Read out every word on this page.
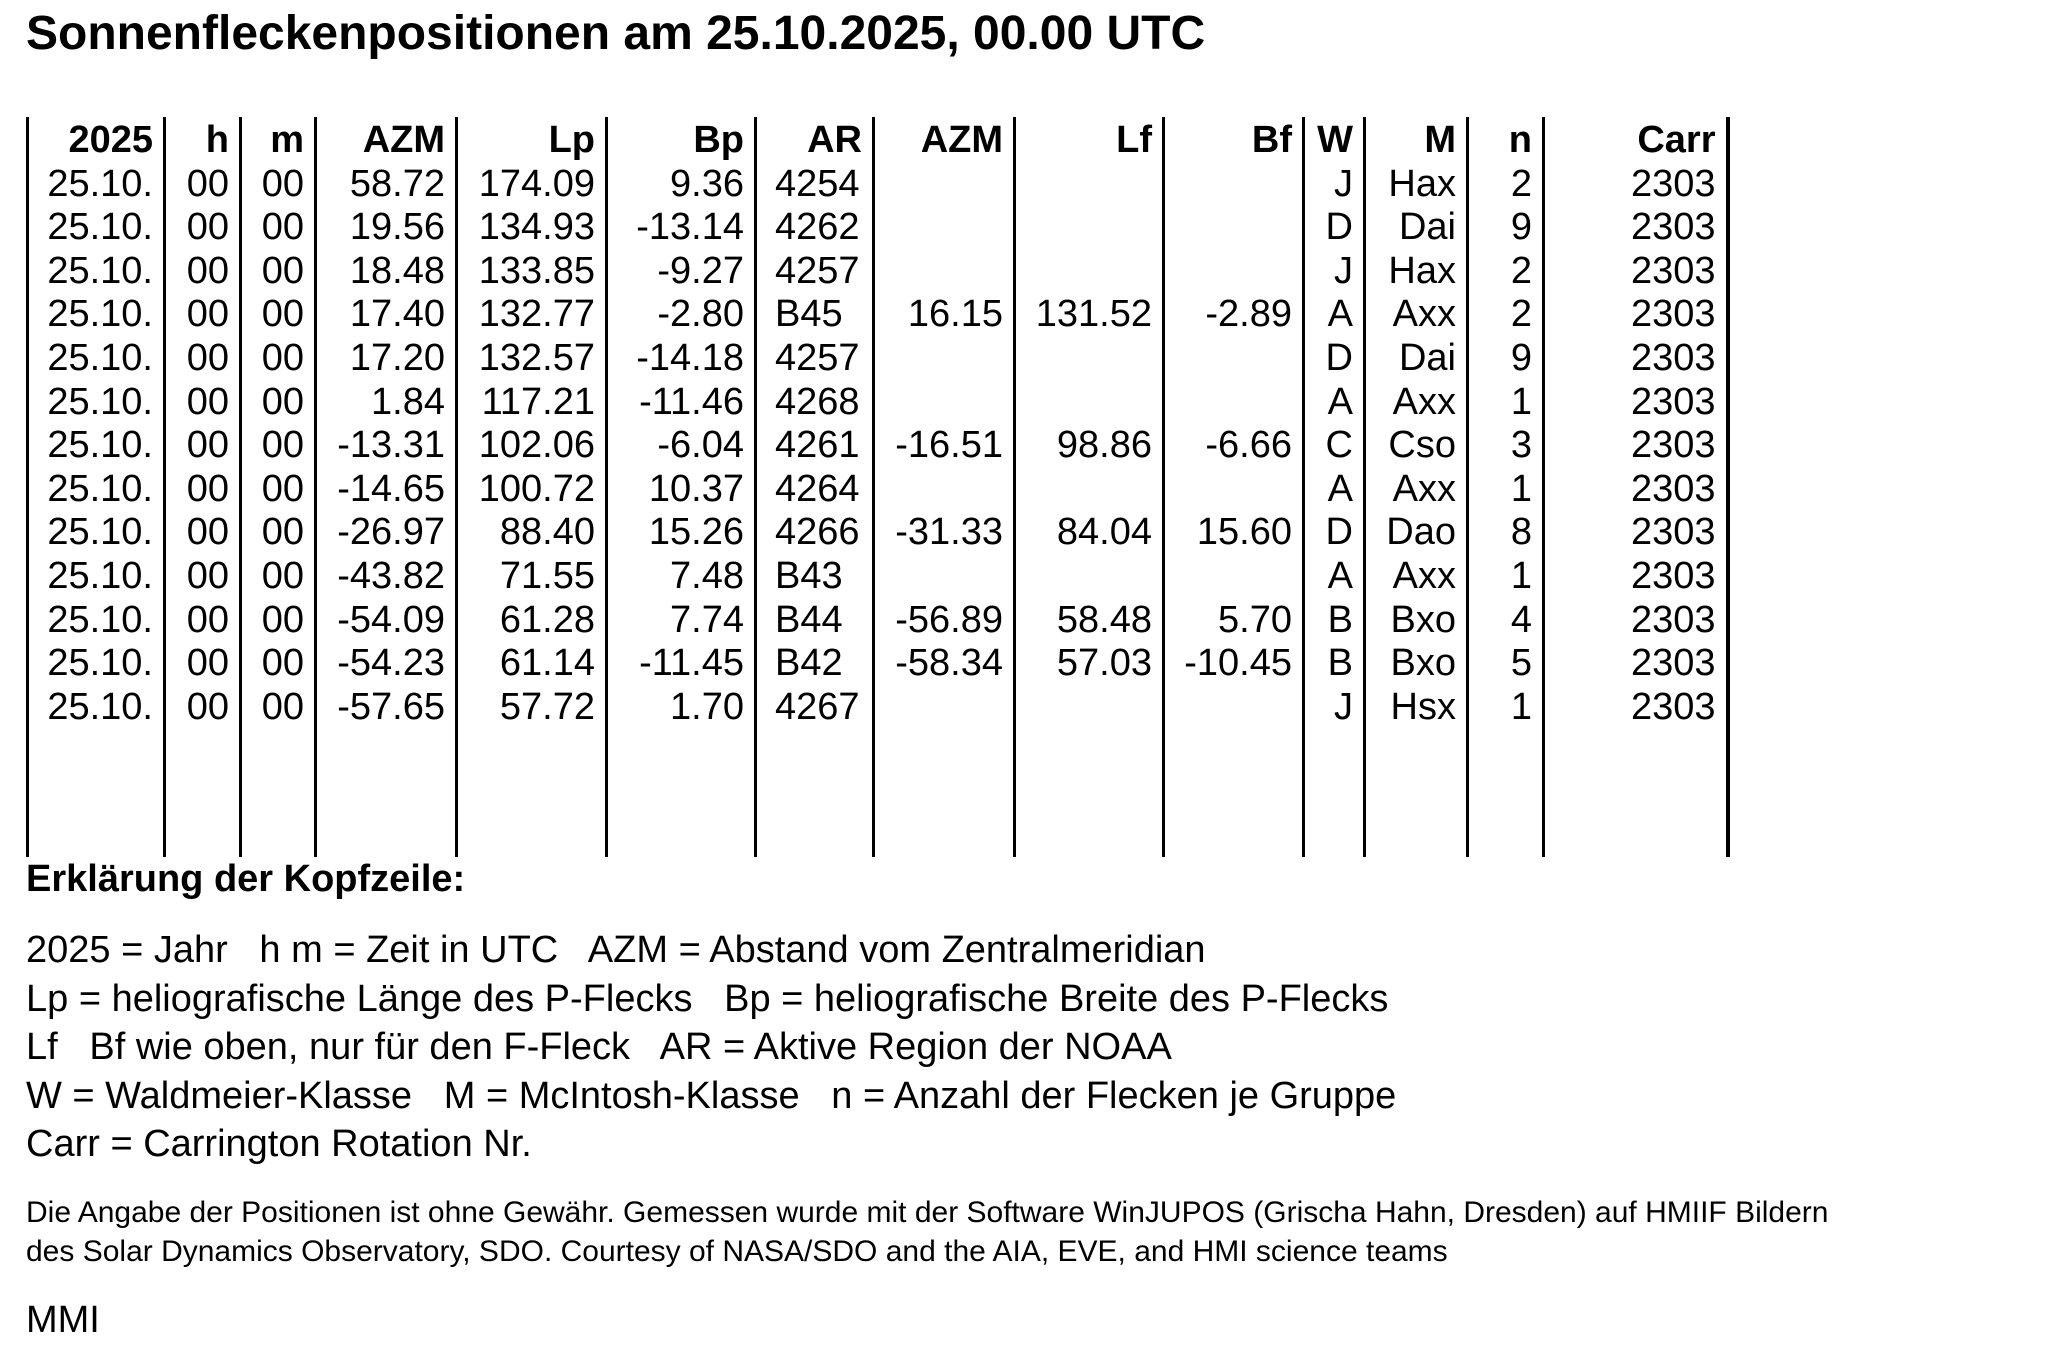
Sonnenfleckenpositionen am 25.10.2025, 00.00 UTC
2025	h	m	AZM	Lp	Bp	AR	AZM	Lf	Bf	W	M	n	Carr
25.10.	00	00	58.72	174.09	9.36	4254				J	Hax	2	2303
25.10.	00	00	19.56	134.93	-13.14	4262				D	Dai	9	2303
25.10.	00	00	18.48	133.85	-9.27	4257				J	Hax	2	2303
25.10.	00	00	17.40	132.77	-2.80	B45	16.15	131.52	-2.89	A	Axx	2	2303
25.10.	00	00	17.20	132.57	-14.18	4257				D	Dai	9	2303
25.10.	00	00	1.84	117.21	-11.46	4268				A	Axx	1	2303
25.10.	00	00	-13.31	102.06	-6.04	4261	-16.51	98.86	-6.66	C	Cso	3	2303
25.10.	00	00	-14.65	100.72	10.37	4264				A	Axx	1	2303
25.10.	00	00	-26.97	88.40	15.26	4266	-31.33	84.04	15.60	D	Dao	8	2303
25.10.	00	00	-43.82	71.55	7.48	B43				A	Axx	1	2303
25.10.	00	00	-54.09	61.28	7.74	B44	-56.89	58.48	5.70	B	Bxo	4	2303
25.10.	00	00	-54.23	61.14	-11.45	B42	-58.34	57.03	-10.45	B	Bxo	5	2303
25.10.	00	00	-57.65	57.72	1.70	4267				J	Hsx	1	2303

Erklärung der Kopfzeile:
2025 = Jahr   h m = Zeit in UTC   AZM = Abstand vom Zentralmeridian
Lp = heliografische Länge des P-Flecks   Bp = heliografische Breite des P-Flecks
Lf   Bf wie oben, nur für den F-Fleck   AR = Aktive Region der NOAA
W = Waldmeier-Klasse   M = McIntosh-Klasse   n = Anzahl der Flecken je Gruppe
Carr = Carrington Rotation Nr.
Die Angabe der Positionen ist ohne Gewähr. Gemessen wurde mit der Software WinJUPOS (Grischa Hahn, Dresden) auf HMIIF Bildern
des Solar Dynamics Observatory, SDO. Courtesy of NASA/SDO and the AIA, EVE, and HMI science teams
MMI
